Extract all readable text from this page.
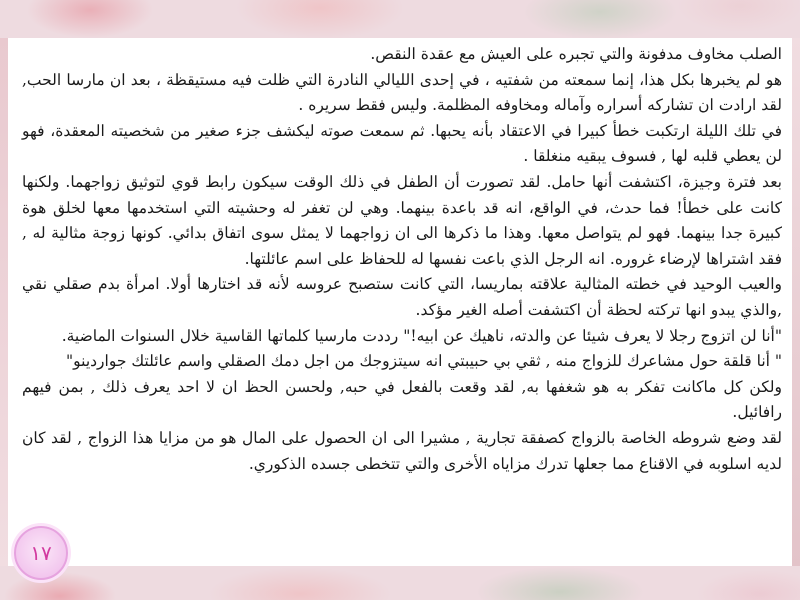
الصلب مخاوف مدفونة والتي تجبره على العيش مع عقدة النقص.

هو لم يخبرها بكل هذا، إنما سمعته من شفتيه ، في إحدى الليالي النادرة التي ظلت فيه مستيقظة ، بعد ان مارسا الحب, لقد ارادت ان تشاركه أسراره وآماله ومخاوفه المظلمة. وليس فقط سريره .

في تلك الليلة ارتكبت خطأ كبيرا في الاعتقاد بأنه يحبها. ثم سمعت صوته ليكشف جزء صغير من شخصيته المعقدة، فهو لن يعطي قلبه لها , فسوف يبقيه منغلقا .

بعد فترة وجيزة، اكتشفت أنها حامل. لقد تصورت أن الطفل في ذلك الوقت سيكون رابط قوي لتوثيق زواجهما. ولكنها كانت على خطأ! فما حدث، في الواقع، انه قد باعدة بينهما. وهي لن تغفر له وحشيته التي استخدمها معها لخلق هوة كبيرة جدا بينهما. فهو لم يتواصل معها. وهذا ما ذكرها الى ان زواجهما لا يمثل سوى اتفاق بدائي. كونها زوجة مثالية له , فقد اشتراها لإرضاء غروره. انه الرجل الذي باعت نفسها له للحفاظ على اسم عائلتها.

والعيب الوحيد في خطته المثالية علاقته بماريسا، التي كانت ستصبح عروسه لأنه قد اختارها أولا. امرأة بدم صقلي نقي ,والذي يبدو انها تركته لحظة أن اكتشفت أصله الغير مؤكد.

"أنا لن اتزوج رجلا لا يعرف شيئا عن والدته، ناهيك عن ابيه!" رددت مارسيا كلماتها القاسية خلال السنوات الماضية.

" أنا قلقة حول مشاعرك للزواج منه , ثقي بي حبيبتي انه سيتزوجك من اجل دمك الصقلي واسم عائلتك جواردينو"

ولكن كل ماكانت تفكر به هو شغفها به, لقد وقعت بالفعل في حبه, ولحسن الحظ ان لا احد يعرف ذلك , بمن فيهم رافائيل.

لقد وضع شروطه الخاصة بالزواج كصفقة تجارية , مشيرا الى ان الحصول على المال هو من مزايا هذا الزواج , لقد كان لديه اسلوبه في الاقناع مما جعلها تدرك مزاياه الأخرى والتي تتخطى جسده الذكوري.

١٧
